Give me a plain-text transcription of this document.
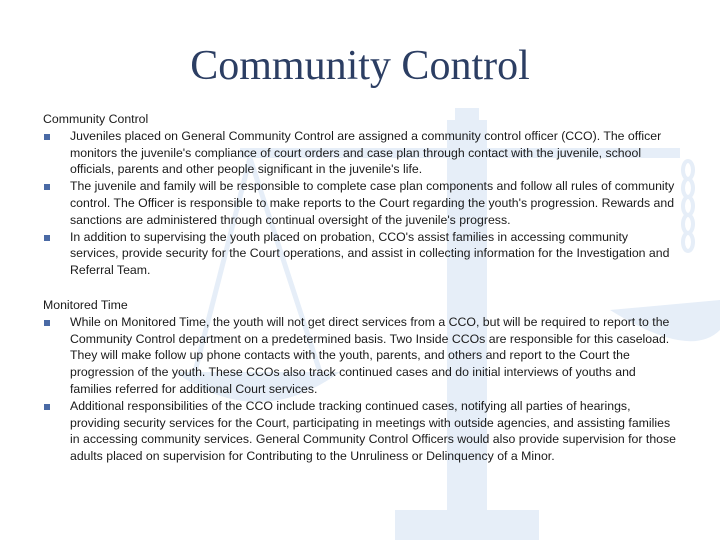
Community Control

Community Control

Juveniles placed on General Community Control are assigned a community control officer (CCO). The officer monitors the juvenile's compliance of court orders and case plan through contact with the juvenile, school officials, parents and other people significant in the juvenile's life.
The juvenile and family will be responsible to complete case plan components and follow all rules of community control. The Officer is responsible to make reports to the Court regarding the youth's progression. Rewards and sanctions are administered through continual oversight of the juvenile's progress.
In addition to supervising the youth placed on probation, CCO's assist families in accessing community services, provide security for the Court operations, and assist in collecting information for the Investigation and Referral Team.

Monitored Time

While on Monitored Time, the youth will not get direct services from a CCO, but will be required to report to the Community Control department on a predetermined basis. Two Inside CCOs are responsible for this caseload. They will make follow up phone contacts with the youth, parents, and others and report to the Court the progression of the youth. These CCOs also track continued cases and do initial interviews of youths and families referred for additional Court services.
Additional responsibilities of the CCO include tracking continued cases, notifying all parties of hearings, providing security services for the Court, participating in meetings with outside agencies, and assisting families in accessing community services. General Community Control Officers would also provide supervision for those adults placed on supervision for Contributing to the Unruliness or Delinquency of a Minor.
